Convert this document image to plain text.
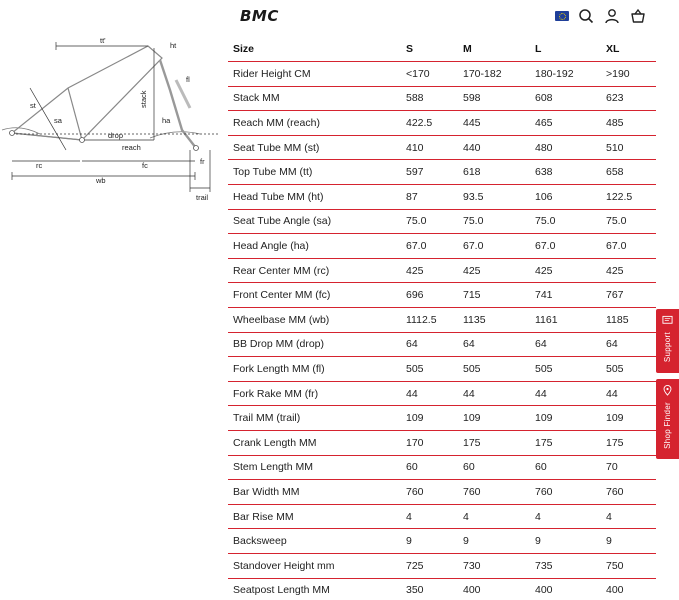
BMC
tt'
ht
fl
stack
st
sa	ha
drop
reach
rc	fc	fr
wb
trail
Size	S	M	L	XL
Rider Height CM	<170	170-182	180-192	>190
Stack MM	588	598	608	623
Reach MM (reach)	422.5	445	465	485
Seat Tube MM (st)	410	440	480	510
Top Tube MM (tt)	597	618	638	658
Head Tube MM (ht)	87	93.5	106	122.5
Seat Tube Angle (sa)	75.0	75.0	75.0	75.0
Head Angle (ha)	67.0	67.0	67.0	67.0
Rear Center MM (rc)	425	425	425	425
Front Center MM (fc)	696	715	741	767
Wheelbase MM (wb)	1112.5	1135	1161	1185
BB Drop MM (drop)	64	64	64	64
Fork Length MM (fl)	505	505	505	505
Fork Rake MM (fr)	44	44	44	44
Trail MM (trail)	109	109	109	109
Crank Length MM	170	175	175	175
Stem Length MM	60	60	60	70
Bar Width MM	760	760	760	760
Bar Rise MM	4	4	4	4
Backsweep	9	9	9	9
Standover Height mm	725	730	735	750
Seatpost Length MM	350	400	400	400
Support
Shop Finder
